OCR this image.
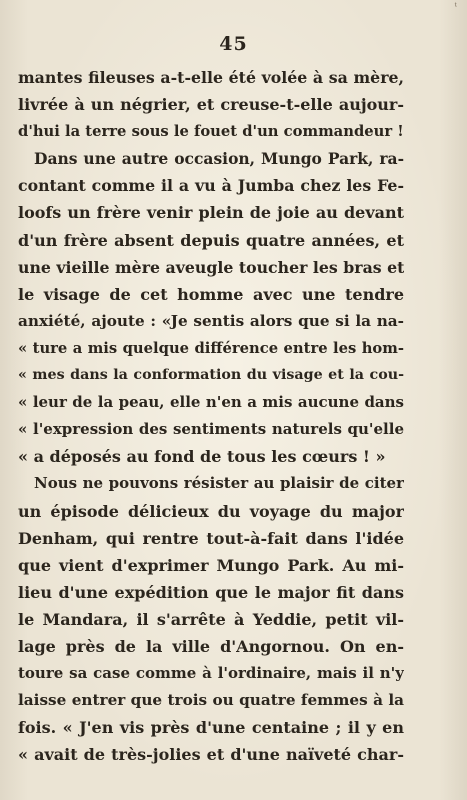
ᵗ
45
mantes fileuses a-t-elle été volée à sa mère,
livrée à un négrier, et creuse-t-elle aujour-
d'hui la terre sous le fouet d'un commandeur !
Dans une autre occasion, Mungo Park, ra-
contant comme il a vu à Jumba chez les Fe-
loofs un frère venir plein de joie au devant
d'un frère absent depuis quatre années, et
une vieille mère aveugle toucher les bras et
le visage de cet homme avec une tendre
anxiété, ajoute : «Je sentis alors que si la na-
« ture a mis quelque différence entre les hom-
« mes dans la conformation du visage et la cou-
« leur de la peau, elle n'en a mis aucune dans
« l'expression des sentiments naturels qu'elle
« a déposés au fond de tous les cœurs ! »
Nous ne pouvons résister au plaisir de citer
un épisode délicieux du voyage du major
Denham, qui rentre tout-à-fait dans l'idée
que vient d'exprimer Mungo Park. Au mi-
lieu d'une expédition que le major fit dans
le Mandara, il s'arrête à Yeddie, petit vil-
lage près de la ville d'Angornou. On en-
toure sa case comme à l'ordinaire, mais il n'y
laisse entrer que trois ou quatre femmes à la
fois. « J'en vis près d'une centaine ; il y en
« avait de très-jolies et d'une naïveté char-
